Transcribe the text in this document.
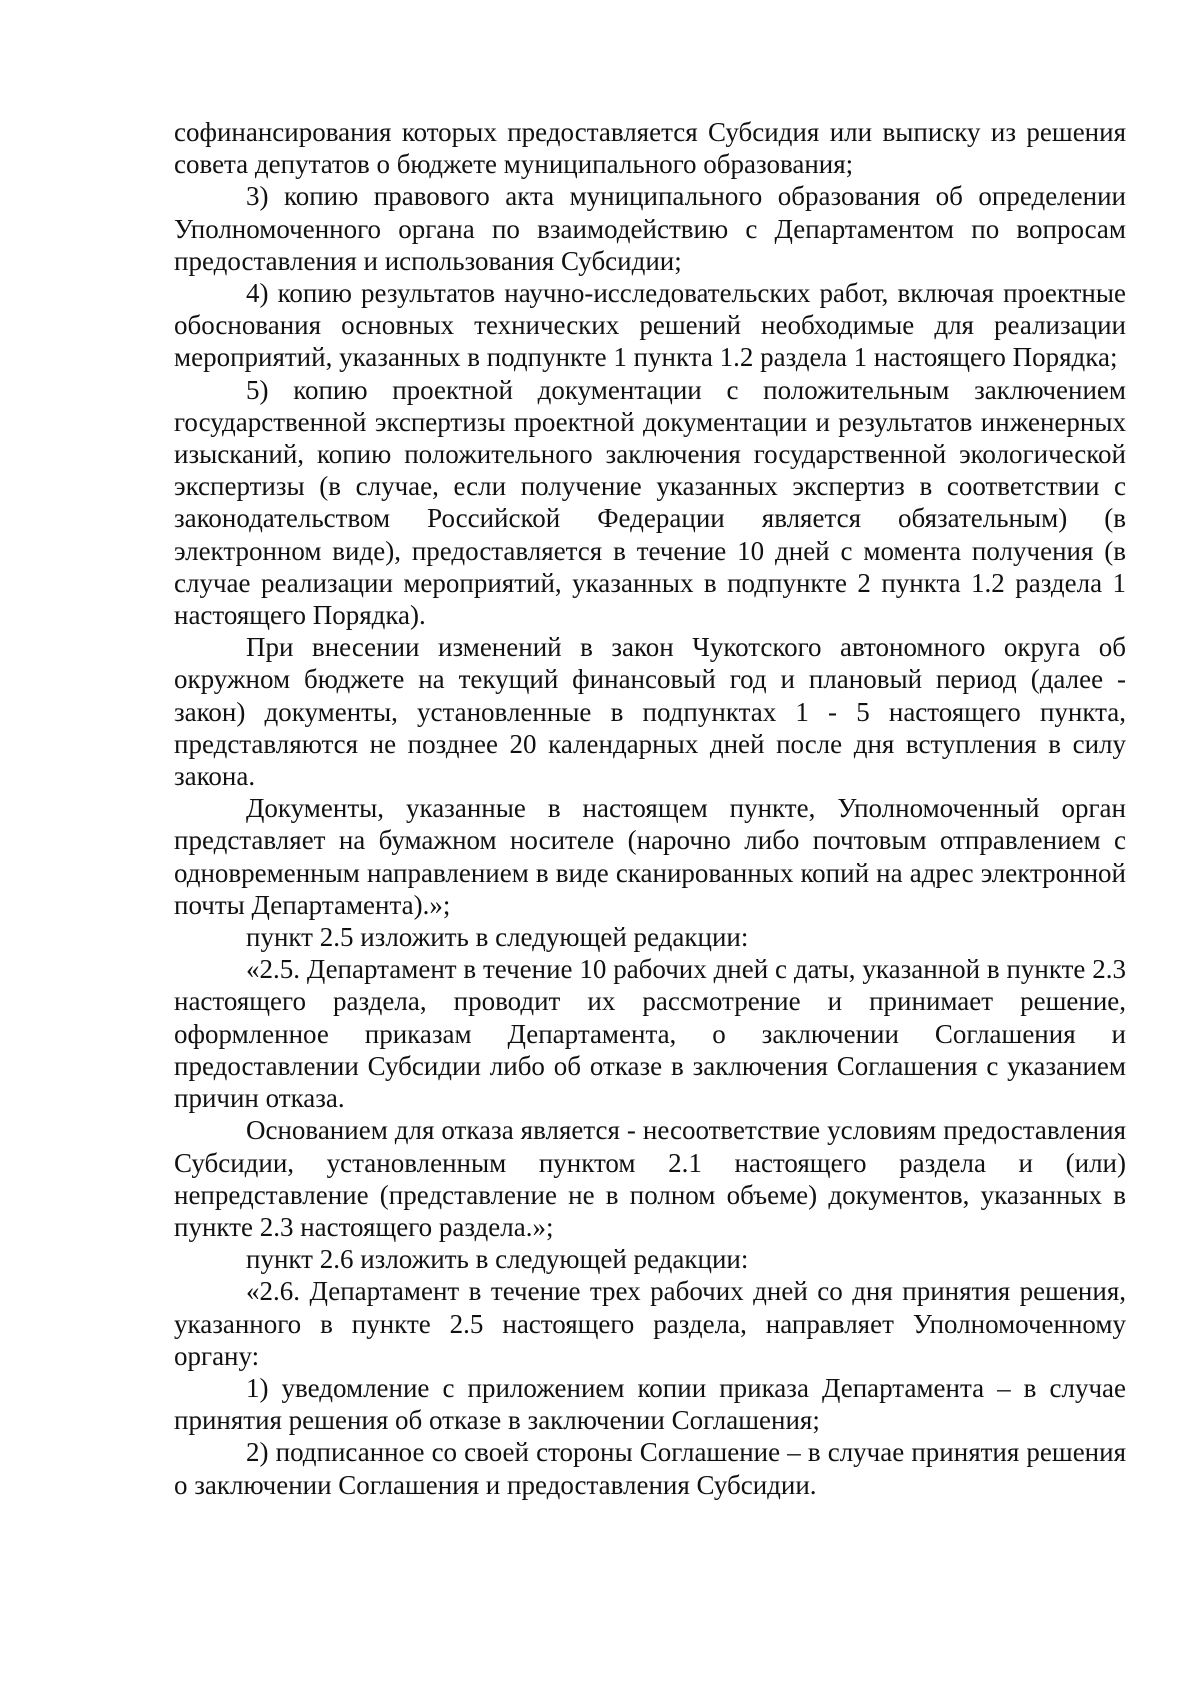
софинансирования которых предоставляется Субсидия или выписку из решения совета депутатов о бюджете муниципального образования;

3) копию правового акта муниципального образования об определении Уполномоченного органа по взаимодействию с Департаментом по вопросам предоставления и использования Субсидии;

4) копию результатов научно-исследовательских работ, включая проектные обоснования основных технических решений необходимые для реализации мероприятий, указанных в подпункте 1 пункта 1.2 раздела 1 настоящего Порядка;

5) копию проектной документации с положительным заключением государственной экспертизы проектной документации и результатов инженерных изысканий, копию положительного заключения государственной экологической экспертизы (в случае, если получение указанных экспертиз в соответствии с законодательством Российской Федерации является обязательным) (в электронном виде), предоставляется в течение 10 дней с момента получения (в случае реализации мероприятий, указанных в подпункте 2 пункта 1.2 раздела 1 настоящего Порядка).

При внесении изменений в закон Чукотского автономного округа об окружном бюджете на текущий финансовый год и плановый период (далее - закон) документы, установленные в подпунктах 1 - 5 настоящего пункта, представляются не позднее 20 календарных дней после дня вступления в силу закона.

Документы, указанные в настоящем пункте, Уполномоченный орган представляет на бумажном носителе (нарочно либо почтовым отправлением с одновременным направлением в виде сканированных копий на адрес электронной почты Департамента).»;

пункт 2.5 изложить в следующей редакции:

«2.5. Департамент в течение 10 рабочих дней с даты, указанной в пункте 2.3 настоящего раздела, проводит их рассмотрение и принимает решение, оформленное приказам Департамента, о заключении Соглашения и предоставлении Субсидии либо об отказе в заключения Соглашения с указанием причин отказа.

Основанием для отказа является - несоответствие условиям предоставления Субсидии, установленным пунктом 2.1 настоящего раздела и (или) непредставление (представление не в полном объеме) документов, указанных в пункте 2.3 настоящего раздела.»;

пункт 2.6 изложить в следующей редакции:

«2.6. Департамент в течение трех рабочих дней со дня принятия решения, указанного в пункте 2.5 настоящего раздела, направляет Уполномоченному органу:

1) уведомление с приложением копии приказа Департамента – в случае принятия решения об отказе в заключении Соглашения;

2) подписанное со своей стороны Соглашение – в случае принятия решения о заключении Соглашения и предоставления Субсидии.
